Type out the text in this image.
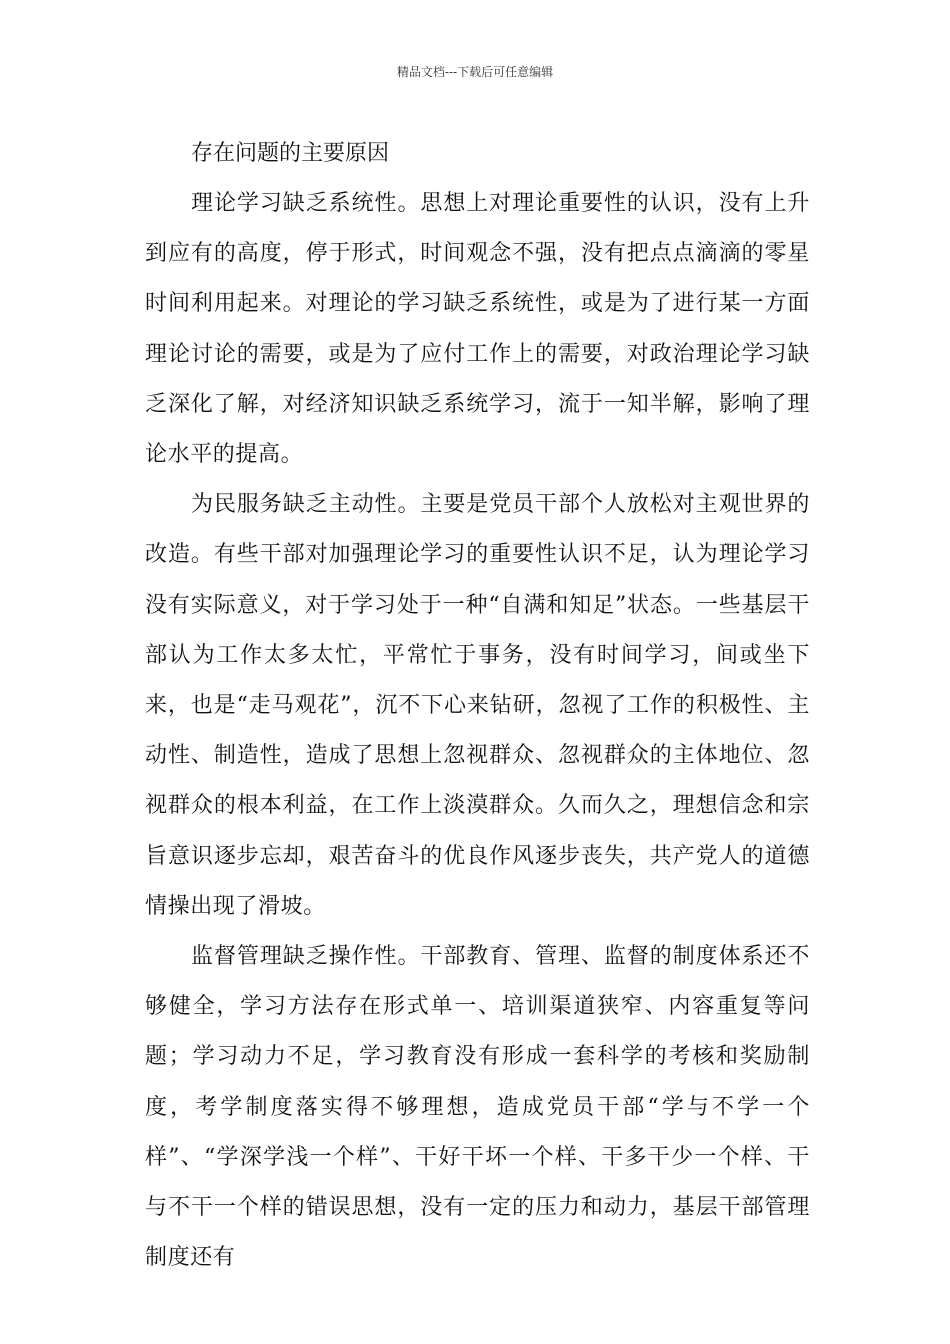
精品文档---下载后可任意编辑

存在问题的主要原因

理论学习缺乏系统性。思想上对理论重要性的认识，没有上升到应有的高度，停于形式，时间观念不强，没有把点点滴滴的零星时间利用起来。对理论的学习缺乏系统性，或是为了进行某一方面理论讨论的需要，或是为了应付工作上的需要，对政治理论学习缺乏深化了解，对经济知识缺乏系统学习，流于一知半解，影响了理论水平的提高。

为民服务缺乏主动性。主要是党员干部个人放松对主观世界的改造。有些干部对加强理论学习的重要性认识不足，认为理论学习没有实际意义，对于学习处于一种“自满和知足”状态。一些基层干部认为工作太多太忙，平常忙于事务，没有时间学习，间或坐下来，也是“走马观花”，沉不下心来钻研，忽视了工作的积极性、主动性、制造性，造成了思想上忽视群众、忽视群众的主体地位、忽视群众的根本利益，在工作上淡漠群众。久而久之，理想信念和宗旨意识逐步忘却，艰苦奋斗的优良作风逐步丧失，共产党人的道德情操出现了滑坡。

监督管理缺乏操作性。干部教育、管理、监督的制度体系还不够健全，学习方法存在形式单一、培训渠道狭窄、内容重复等问题；学习动力不足，学习教育没有形成一套科学的考核和奖励制度，考学制度落实得不够理想，造成党员干部“学与不学一个样”、“学深学浅一个样”、干好干坏一个样、干多干少一个样、干与不干一个样的错误思想，没有一定的压力和动力，基层干部管理制度还有
